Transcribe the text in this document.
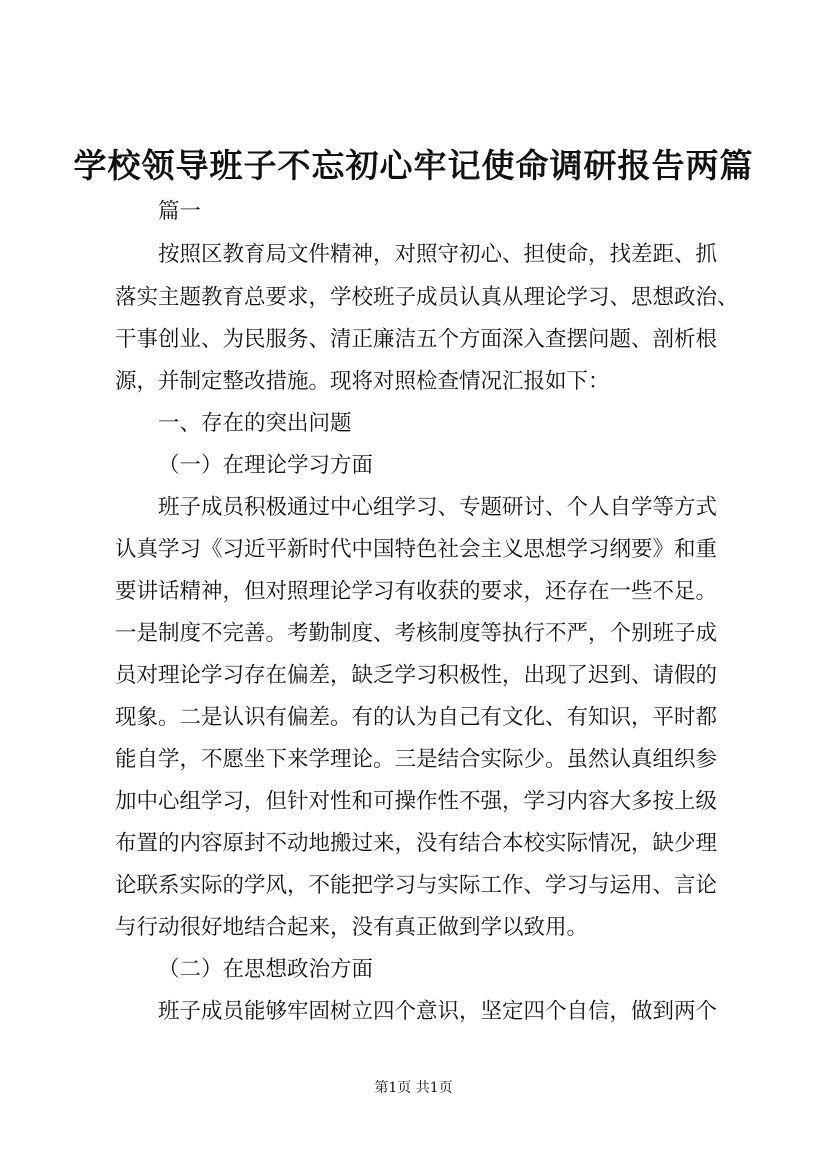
学校领导班子不忘初心牢记使命调研报告两篇
篇一
按照区教育局文件精神，对照守初心、担使命，找差距、抓
落实主题教育总要求，学校班子成员认真从理论学习、思想政治、
干事创业、为民服务、清正廉洁五个方面深入查摆问题、剖析根
源，并制定整改措施。现将对照检查情况汇报如下：
一、存在的突出问题
（一）在理论学习方面
班子成员积极通过中心组学习、专题研讨、个人自学等方式
认真学习《习近平新时代中国特色社会主义思想学习纲要》和重
要讲话精神，但对照理论学习有收获的要求，还存在一些不足。
一是制度不完善。考勤制度、考核制度等执行不严，个别班子成
员对理论学习存在偏差，缺乏学习积极性，出现了迟到、请假的
现象。二是认识有偏差。有的认为自己有文化、有知识，平时都
能自学，不愿坐下来学理论。三是结合实际少。虽然认真组织参
加中心组学习，但针对性和可操作性不强，学习内容大多按上级
布置的内容原封不动地搬过来，没有结合本校实际情况，缺少理
论联系实际的学风，不能把学习与实际工作、学习与运用、言论
与行动很好地结合起来，没有真正做到学以致用。
（二）在思想政治方面
班子成员能够牢固树立四个意识，坚定四个自信，做到两个
第1页 共1页
